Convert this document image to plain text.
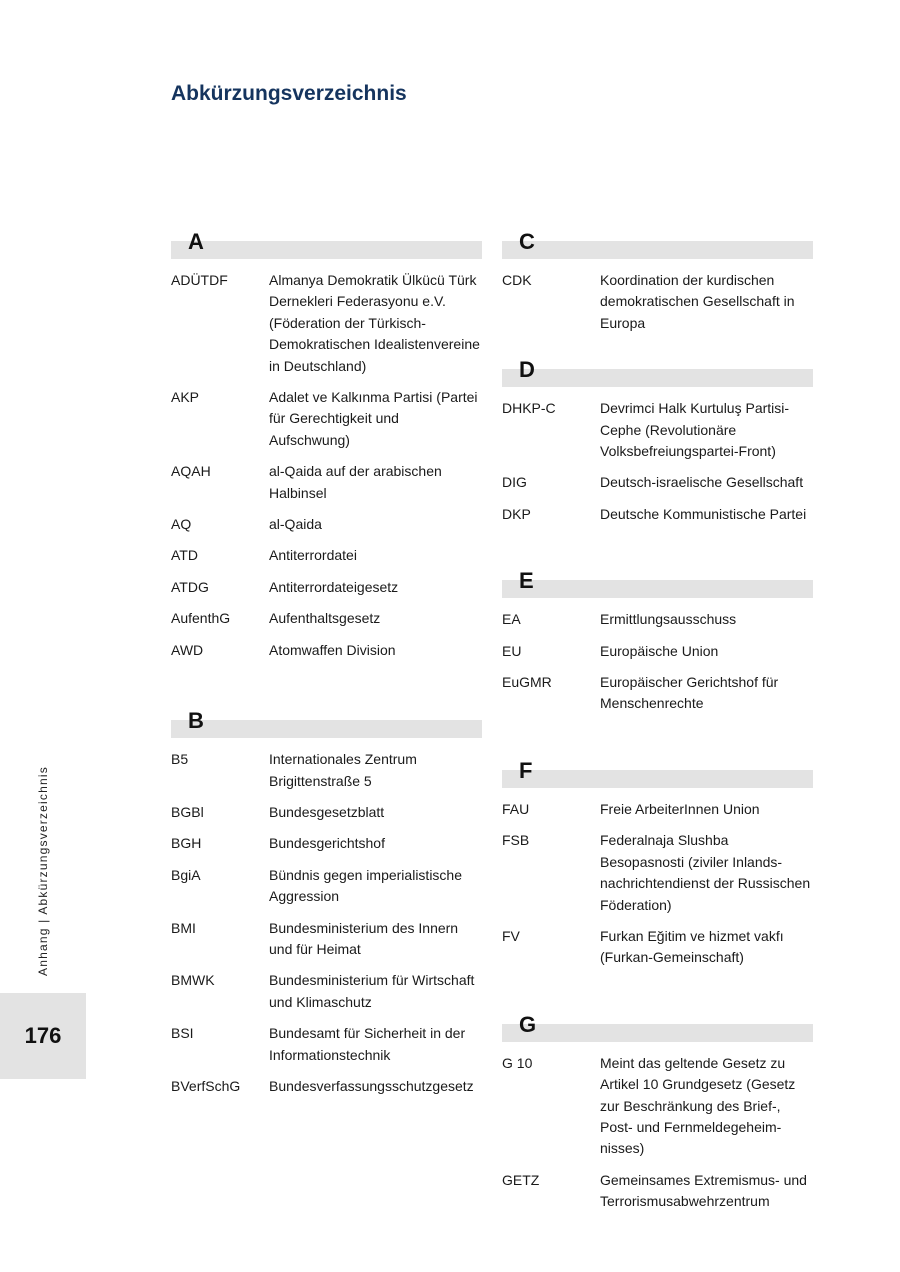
Abkürzungsverzeichnis
A
ADÜTDF	Almanya Demokratik Ülkücü Türk Dernekleri Federasyonu e.V. (Föderation der Türkisch-Demokratischen Idealistenvereine in Deutschland)
AKP	Adalet ve Kalkınma Partisi (Partei für Gerechtigkeit und Aufschwung)
AQAH	al-Qaida auf der arabischen Halbinsel
AQ	al-Qaida
ATD	Antiterrordatei
ATDG	Antiterrordateigesetz
AufenthG	Aufenthaltsgesetz
AWD	Atomwaffen Division
B
B5	Internationales Zentrum Brigittenstraße 5
BGBl	Bundesgesetzblatt
BGH	Bundesgerichtshof
BgiA	Bündnis gegen imperialistische Aggression
BMI	Bundesministerium des Innern und für Heimat
BMWK	Bundesministerium für Wirtschaft und Klimaschutz
BSI	Bundesamt für Sicherheit in der Informationstechnik
BVerfSchG	Bundesverfassungsschutzgesetz
C
CDK	Koordination der kurdischen demokratischen Gesellschaft in Europa
D
DHKP-C	Devrimci Halk Kurtuluş Partisi-Cephe (Revolutionäre Volksbefreiungspartei-Front)
DIG	Deutsch-israelische Gesellschaft
DKP	Deutsche Kommunistische Partei
E
EA	Ermittlungsausschuss
EU	Europäische Union
EuGMR	Europäischer Gerichtshof für Menschenrechte
F
FAU	Freie ArbeiterInnen Union
FSB	Federalnaja Slushba Besopasnosti (ziviler Inlandsnachrichtendienst der Russischen Föderation)
FV	Furkan Eğitim ve hizmet vakfı (Furkan-Gemeinschaft)
G
G 10	Meint das geltende Gesetz zu Artikel 10 Grundgesetz (Gesetz zur Beschränkung des Brief-, Post- und Fernmeldegeheimnisses)
GETZ	Gemeinsames Extremismus- und Terrorismusabwehrzentrum
Anhang | Abkürzungsverzeichnis
176
